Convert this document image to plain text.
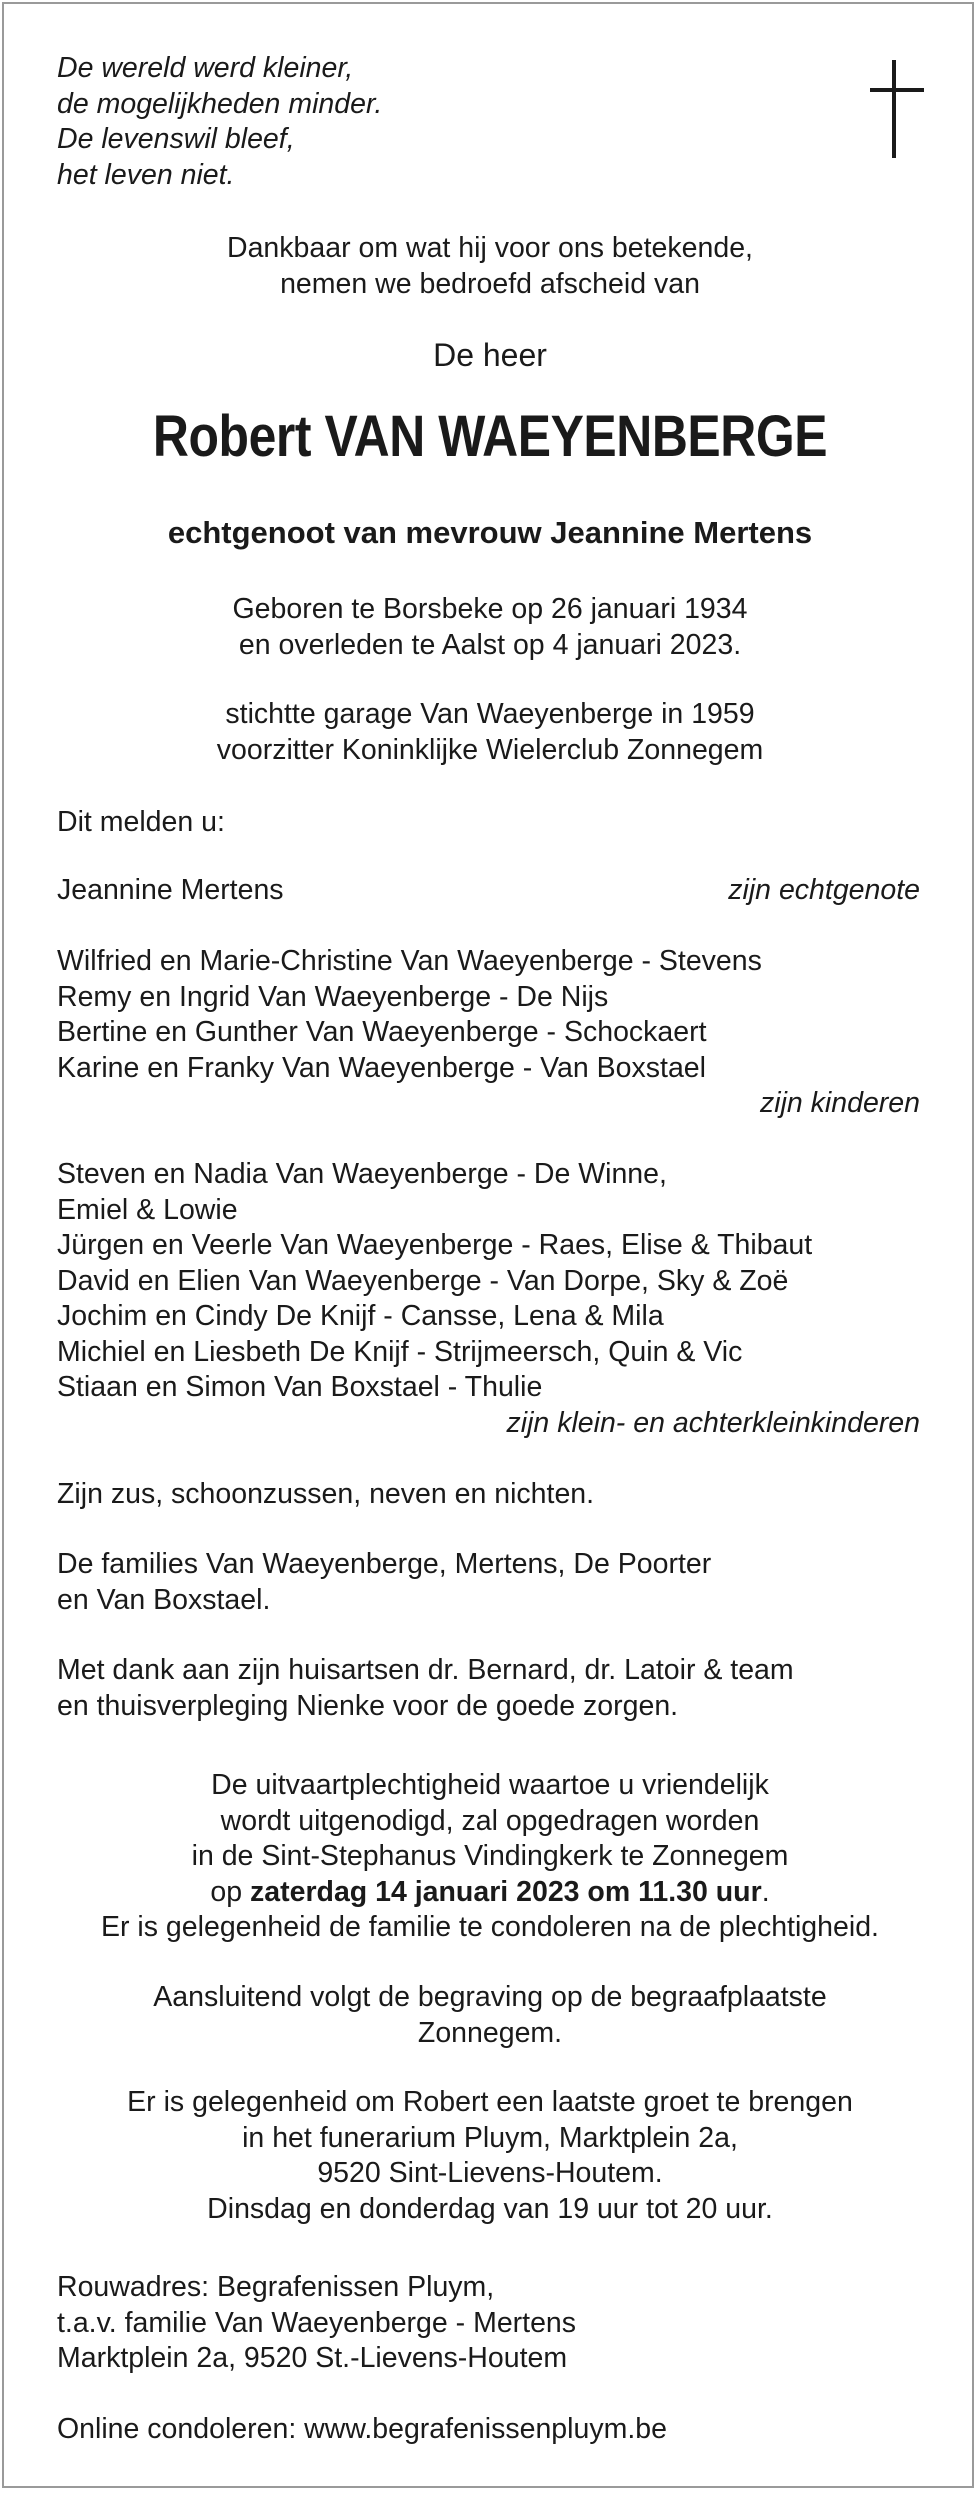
De wereld werd kleiner,
de mogelijkheden minder.
De levenswil bleef,
het leven niet.
Dankbaar om wat hij voor ons betekende,
nemen we bedroefd afscheid van
De heer
Robert VAN WAEYENBERGE
echtgenoot van mevrouw Jeannine Mertens
Geboren te Borsbeke op 26 januari 1934
en overleden te Aalst op 4 januari 2023.
stichtte garage Van Waeyenberge in 1959
voorzitter Koninklijke Wielerclub Zonnegem
Dit melden u:
Jeannine Mertens	zijn echtgenote
Wilfried en Marie-Christine Van Waeyenberge - Stevens
Remy en Ingrid Van Waeyenberge - De Nijs
Bertine en Gunther Van Waeyenberge - Schockaert
Karine en Franky Van Waeyenberge - Van Boxstael
zijn kinderen
Steven en Nadia Van Waeyenberge - De Winne,
Emiel & Lowie
Jürgen en Veerle Van Waeyenberge - Raes, Elise & Thibaut
David en Elien Van Waeyenberge - Van Dorpe, Sky & Zoë
Jochim en Cindy De Knijf - Cansse, Lena & Mila
Michiel en Liesbeth De Knijf - Strijmeersch, Quin & Vic
Stiaan en Simon Van Boxstael - Thulie
zijn klein- en achterkleinkinderen
Zijn zus, schoonzussen, neven en nichten.
De families Van Waeyenberge, Mertens, De Poorter
en Van Boxstael.
Met dank aan zijn huisartsen dr. Bernard, dr. Latoir & team
en thuisverpleging Nienke voor de goede zorgen.
De uitvaartplechtigheid waartoe u vriendelijk
wordt uitgenodigd, zal opgedragen worden
in de Sint-Stephanus Vindingkerk te Zonnegem
op zaterdag 14 januari 2023 om 11.30 uur.
Er is gelegenheid de familie te condoleren na de plechtigheid.
Aansluitend volgt de begraving op de begraafplaatste
Zonnegem.
Er is gelegenheid om Robert een laatste groet te brengen
in het funerarium Pluym, Marktplein 2a,
9520 Sint-Lievens-Houtem.
Dinsdag en donderdag van 19 uur tot 20 uur.
Rouwadres: Begrafenissen Pluym,
t.a.v. familie Van Waeyenberge - Mertens
Marktplein 2a, 9520 St.-Lievens-Houtem
Online condoleren: www.begrafenissenpluym.be
